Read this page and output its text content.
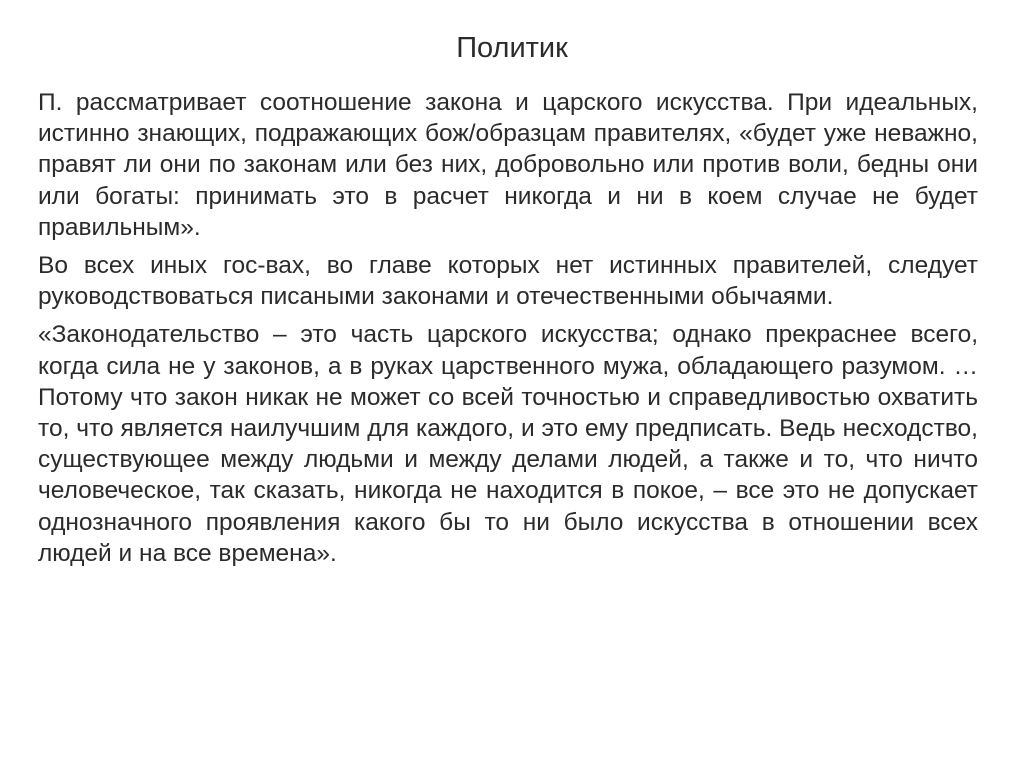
Политик

П. рассматривает соотношение закона и царского искусства. При идеальных, истинно знающих, подражающих бож/образцам правителях, «будет уже неважно, правят ли они по законам или без них, добровольно или против воли, бедны они или богаты: принимать это в расчет никогда и ни в коем случае не будет правильным».

Во всех иных гос-вах, во главе которых нет истинных правителей, следует руководствоваться писаными законами и отечественными обычаями.

«Законодательство – это часть царского искусства; однако прекраснее всего, когда сила не у законов, а в руках царственного мужа, обладающего разумом. …Потому что закон никак не может со всей точностью и справедливостью охватить то, что является наилучшим для каждого, и это ему предписать. Ведь несходство, существующее между людьми и между делами людей, а также и то, что ничто человеческое, так сказать, никогда не находится в покое, – все это не допускает однозначного проявления какого бы то ни было искусства в отношении всех людей и на все времена».
